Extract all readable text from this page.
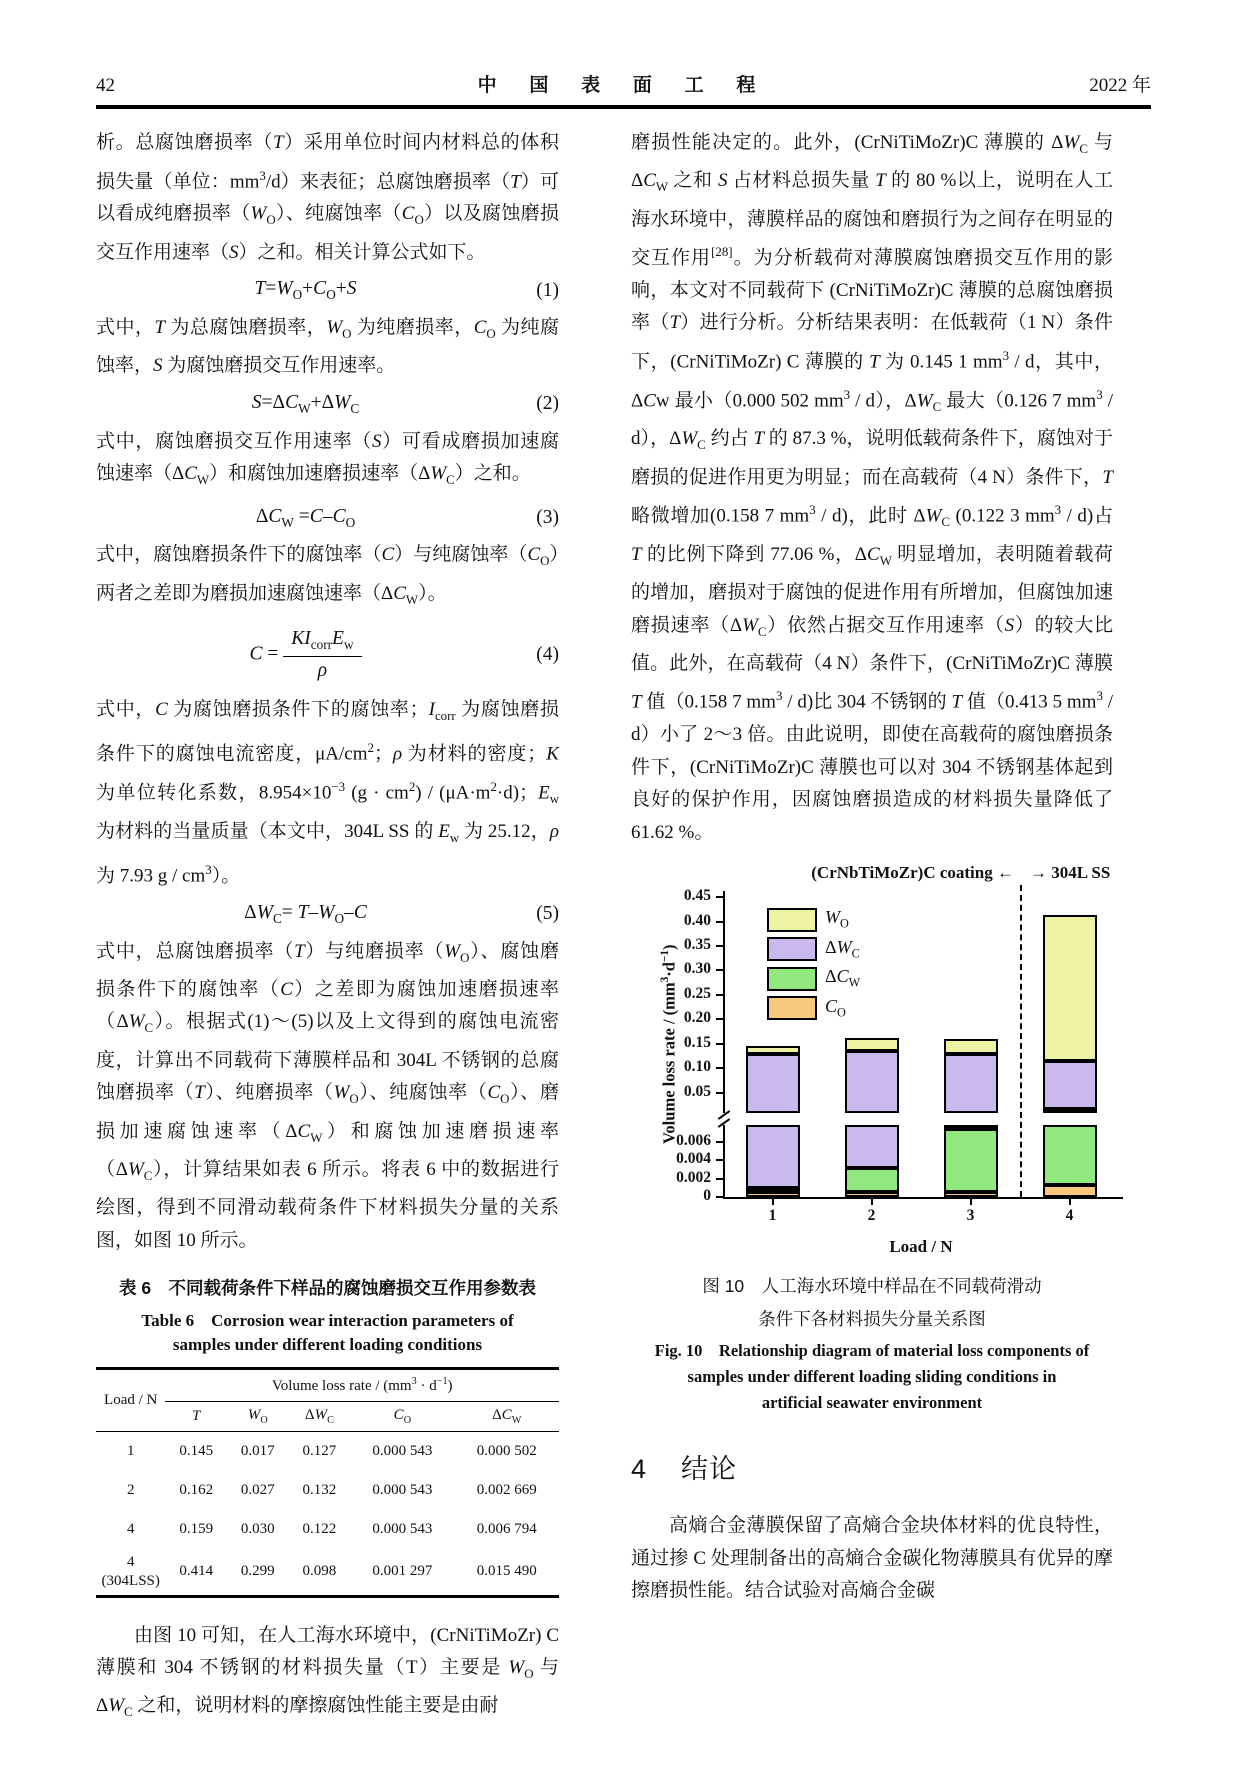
42	中 国 表 面 工 程	2022 年

析。总腐蚀磨损率（T）采用单位时间内材料总的体积损失量（单位：$mm^3/d$）来表征；总腐蚀磨损率（T）可以看成纯磨损率$(W_O)$、纯腐蚀率$(C_O)$以及腐蚀磨损交互作用速率（S）之和。相关计算公式如下。

$T=W_O+C_O+S$	(1)

式中，T 为总腐蚀磨损率，$W_O$ 为纯磨损率，$C_O$ 为纯腐蚀率，S 为腐蚀磨损交互作用速率。

$S=\Delta C_W+\Delta W_C$	(2)

式中，腐蚀磨损交互作用速率（S）可看成磨损加速腐蚀速率$(\Delta C_W)$和腐蚀加速磨损速率$(\Delta W_C)$之和。

$\Delta C_W =C-C_O$	(3)

式中，腐蚀磨损条件下的腐蚀率（C）与纯腐蚀率$(C_O)$两者之差即为磨损加速腐蚀速率$(\Delta C_W)$。

$C = \frac{KI_{corr}E_w}{\rho}$	(4)

式中，C 为腐蚀磨损条件下的腐蚀率；$I_{corr}$ 为腐蚀磨损条件下的腐蚀电流密度，$\mu A/cm^2$；ρ 为材料的密度；K 为单位转化系数，$8.954\times 10^{-3}$ $(g \cdot cm^2) / (\mu A\cdot m^2\cdot d)$；$E_w$ 为材料的当量质量（本文中，304L SS 的 $E_w$ 为 25.12，ρ 为 7.93 g / $cm^3$）。

$\Delta W_C= T-W_O-C$	(5)

式中，总腐蚀磨损率（T）与纯磨损率$(W_O)$、腐蚀磨损条件下的腐蚀率（C）之差即为腐蚀加速磨损速率$(\Delta W_C)$。根据式(1)～(5)以及上文得到的腐蚀电流密度，计算出不同载荷下薄膜样品和 304L 不锈钢的总腐蚀磨损率（T）、纯磨损率$(W_O)$、纯腐蚀率$(C_O)$、磨损加速腐蚀速率$(\Delta C_W)$和腐蚀加速磨损速率$(\Delta W_C)$，计算结果如表 6 所示。将表 6 中的数据进行绘图，得到不同滑动载荷条件下材料损失分量的关系图，如图 10 所示。

表 6　不同载荷条件下样品的腐蚀磨损交互作用参数表
Table 6　Corrosion wear interaction parameters of
samples under different loading conditions
Load / N	Volume loss rate / $(mm^3 \cdot d^{-1})$				
	T	$W_O$	$\Delta W_C$	$C_O$	$\Delta C_W$
1	0.145	0.017	0.127	0.000 543	0.000 502
2	0.162	0.027	0.132	0.000 543	0.002 669
4	0.159	0.030	0.122	0.000 543	0.006 794
4
(304LSS)	0.414	0.299	0.098	0.001 297	0.015 490

由图 10 可知，在人工海水环境中，(CrNiTiMoZr) C 薄膜和 304 不锈钢的材料损失量（T）主要是 $W_O$ 与 $\Delta W_C$ 之和，说明材料的摩擦腐蚀性能主要是由耐

磨损性能决定的。此外，(CrNiTiMoZr)C 薄膜的 $\Delta W_C$ 与 $\Delta C_W$ 之和 S 占材料总损失量 T 的 80 %以上，说明在人工海水环境中，薄膜样品的腐蚀和磨损行为之间存在明显的交互作用[28]。为分析载荷对薄膜腐蚀磨损交互作用的影响，本文对不同载荷下 (CrNiTiMoZr)C 薄膜的总腐蚀磨损率（T）进行分析。分析结果表明：在低载荷（1 N）条件下，(CrNiTiMoZr) C 薄膜的 T 为 0.145 1 $mm^3$ / d，其中，ΔCw 最小（0.000 502 $mm^3 / d$），$\Delta W_C$ 最大（0.126 7 $mm^3 / d$），$\Delta W_C$ 约占 T 的 87.3 %，说明低载荷条件下，腐蚀对于磨损的促进作用更为明显；而在高载荷（4 N）条件下，T 略微增加(0.158 7 $mm^3 / d$)，此时 $\Delta W_C$ (0.122 3 $mm^3 / d$)占 T 的比例下降到 77.06 %，$\Delta C_W$ 明显增加，表明随着载荷的增加，磨损对于腐蚀的促进作用有所增加，但腐蚀加速磨损速率$(\Delta W_C)$依然占据交互作用速率（S）的较大比值。此外，在高载荷（4 N）条件下，(CrNiTiMoZr)C 薄膜 T 值（0.158 7 $mm^3 / d$)比 304 不锈钢的 T 值（0.413 5 $mm^3 / d$）小了 2～3 倍。由此说明，即使在高载荷的腐蚀磨损条件下，(CrNiTiMoZr)C 薄膜也可以对 304 不锈钢基体起到良好的保护作用，因腐蚀磨损造成的材料损失量降低了 61.62 %。

(CrNbTiMoZr)C coating ← → 304L SS
0.45
0.40
0.35
0.30
0.25
0.20
0.15
0.10
0.05
0.006
0.004
0.002
0
$W_O$
$\Delta W_C$
$\Delta C_W$
$C_O$
1	2	3	4
Load / N
Volume loss rate / $(mm^3\cdot d^{-1})$
图 10　人工海水环境中样品在不同载荷滑动
条件下各材料损失分量关系图
Fig. 10　Relationship diagram of material loss components of
samples under different loading sliding conditions in
artificial seawater environment
4 结论

高熵合金薄膜保留了高熵合金块体材料的优良特性，通过掺 C 处理制备出的高熵合金碳化物薄膜具有优异的摩擦磨损性能。结合试验对高熵合金碳
